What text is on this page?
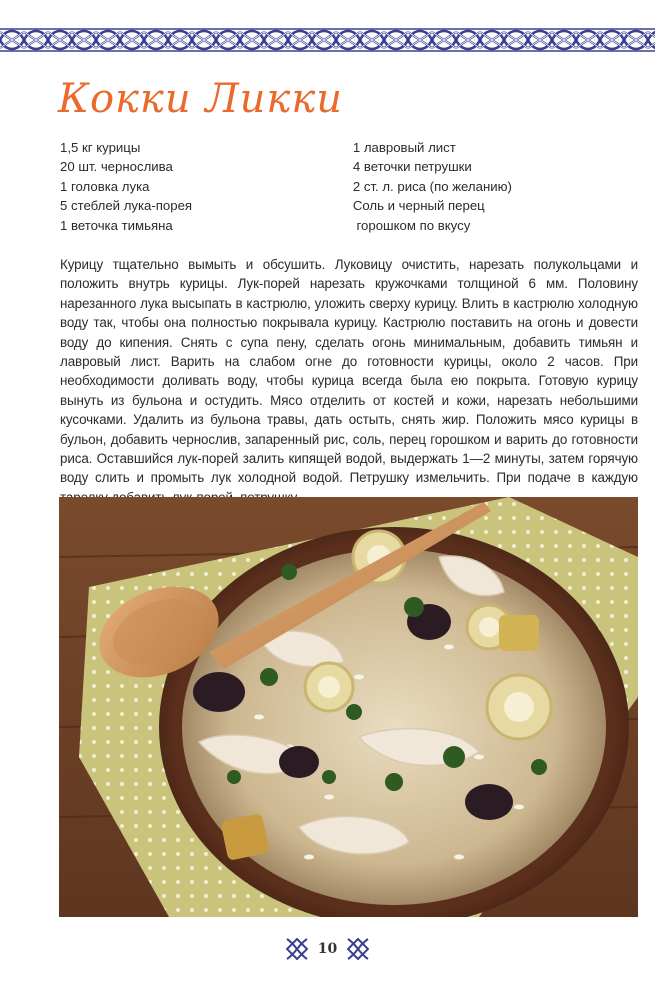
Кокки Ликки
1,5 кг курицы
20 шт. чернослива
1 головка лука
5 стеблей лука-порея
1 веточка тимьяна
1 лавровый лист
4 веточки петрушки
2 ст. л. риса (по желанию)
Соль и черный перец
горошком по вкусу

Курицу тщательно вымыть и обсушить. Луковицу очистить, нарезать полукольцами и положить внутрь курицы. Лук-порей нарезать кружочками толщиной 6 мм. Половину нарезанного лука высыпать в кастрюлю, уложить сверху курицу. Влить в кастрюлю холодную воду так, чтобы она полностью покрывала курицу. Кастрюлю поставить на огонь и довести воду до кипения. Снять с супа пену, сделать огонь минимальным, добавить тимьян и лавровый лист. Варить на слабом огне до готовности курицы, около 2 часов. При необходимости доливать воду, чтобы курица всегда была ею покрыта. Готовую курицу вынуть из бульона и остудить. Мясо отделить от костей и кожи, нарезать небольшими кусочками. Удалить из бульона травы, дать остыть, снять жир. Положить мясо курицы в бульон, добавить чернослив, запаренный рис, соль, перец горошком и варить до готовности риса. Оставшийся лук-порей залить кипящей водой, выдержать 1—2 минуты, затем горячую воду слить и промыть лук холодной водой. Петрушку измельчить. При подаче в каждую

10
